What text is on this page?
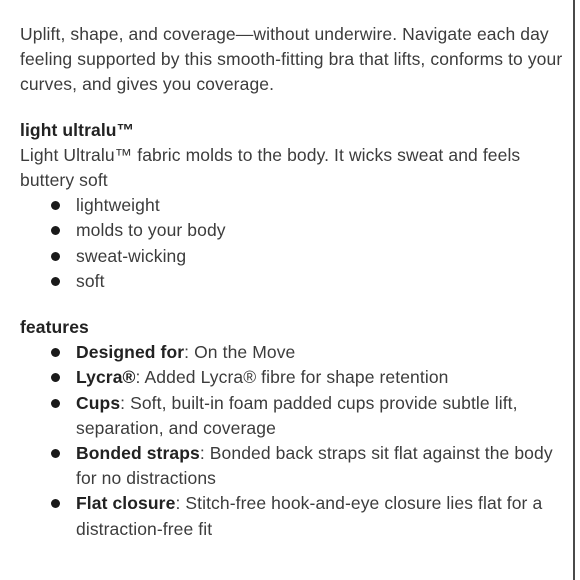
Uplift, shape, and coverage—without underwire. Navigate each day feeling supported by this smooth-fitting bra that lifts, conforms to your curves, and gives you coverage.

light ultralu™

Light Ultralu™ fabric molds to the body. It wicks sweat and feels buttery soft

lightweight
molds to your body
sweat-wicking
soft

features

Designed for: On the Move
Lycra®: Added Lycra® fibre for shape retention
Cups: Soft, built-in foam padded cups provide subtle lift, separation, and coverage
Bonded straps: Bonded back straps sit flat against the body for no distractions
Flat closure: Stitch-free hook-and-eye closure lies flat for a distraction-free fit
